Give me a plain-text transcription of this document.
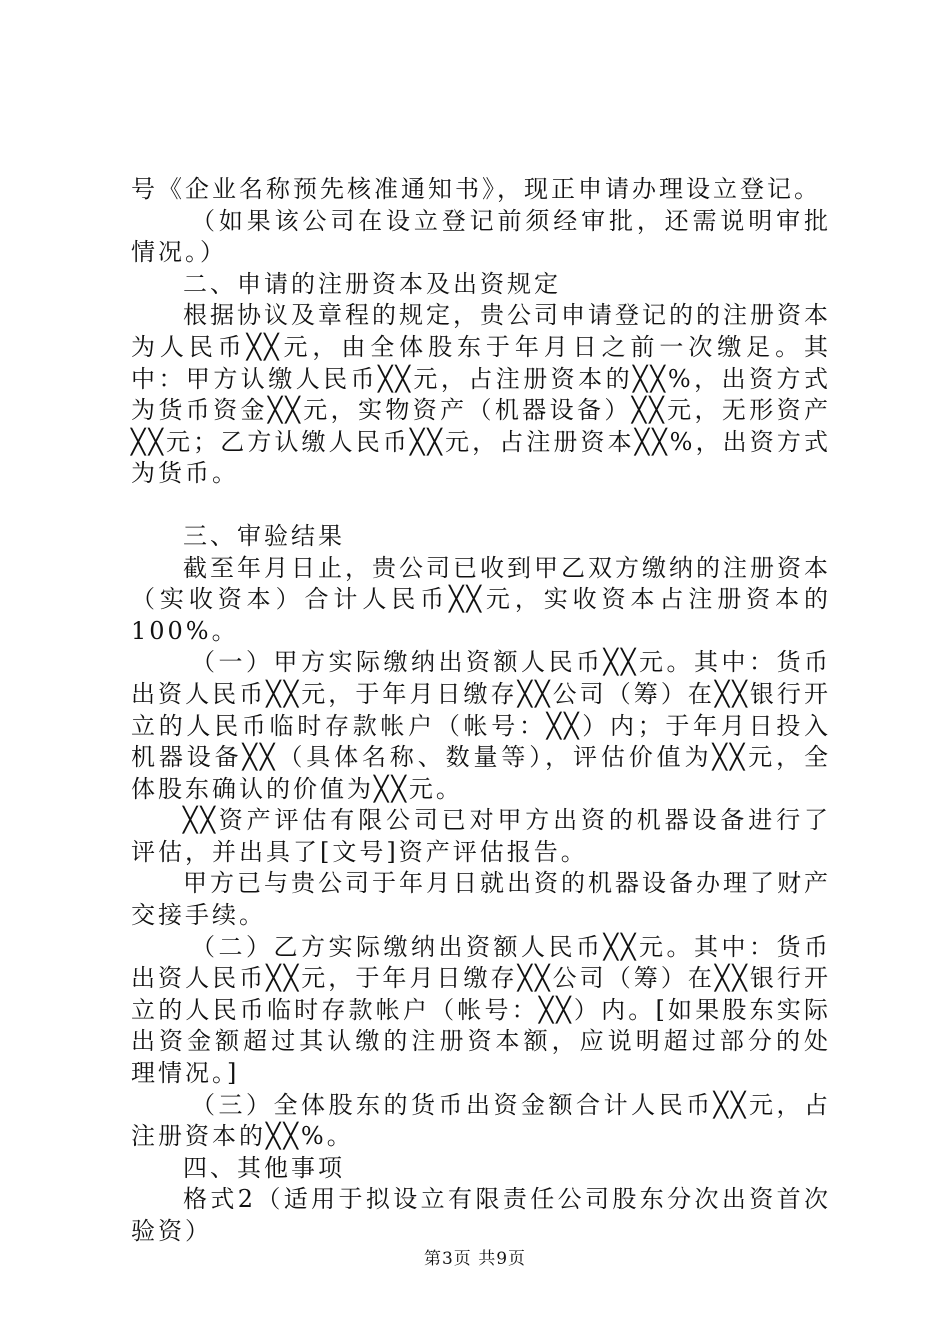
号《企业名称预先核准通知书》，现正申请办理设立登记。

（如果该公司在设立登记前须经审批，还需说明审批情况。）

二、申请的注册资本及出资规定

根据协议及章程的规定，贵公司申请登记的的注册资本为人民币╳╳元，由全体股东于年月日之前一次缴足。其中：甲方认缴人民币╳╳元，占注册资本的╳╳%，出资方式为货币资金╳╳元，实物资产（机器设备）╳╳元，无形资产╳╳元；乙方认缴人民币╳╳元，占注册资本╳╳%，出资方式为货币。

三、审验结果

截至年月日止，贵公司已收到甲乙双方缴纳的注册资本（实收资本）合计人民币╳╳元，实收资本占注册资本的100%。

（一）甲方实际缴纳出资额人民币╳╳元。其中：货币出资人民币╳╳元，于年月日缴存╳╳公司（筹）在╳╳银行开立的人民币临时存款帐户（帐号：╳╳）内；于年月日投入机器设备╳╳（具体名称、数量等），评估价值为╳╳元，全体股东确认的价值为╳╳元。

╳╳资产评估有限公司已对甲方出资的机器设备进行了评估，并出具了[文号]资产评估报告。

甲方已与贵公司于年月日就出资的机器设备办理了财产交接手续。

（二）乙方实际缴纳出资额人民币╳╳元。其中：货币出资人民币╳╳元，于年月日缴存╳╳公司（筹）在╳╳银行开立的人民币临时存款帐户（帐号：╳╳）内。[如果股东实际出资金额超过其认缴的注册资本额，应说明超过部分的处理情况。]

（三）全体股东的货币出资金额合计人民币╳╳元，占注册资本的╳╳%。

四、其他事项

格式2（适用于拟设立有限责任公司股东分次出资首次验资）

第3页 共9页
